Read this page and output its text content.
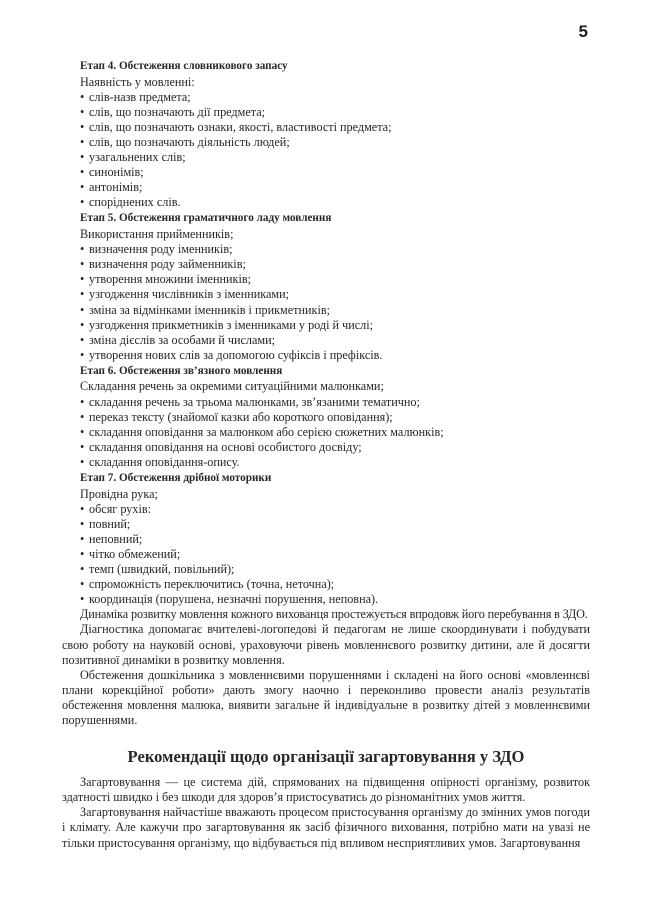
5
Етап 4. Обстеження словникового запасу
Наявність у мовленні:
• слів-назв предмета;
• слів, що позначають дії предмета;
• слів, що позначають ознаки, якості, властивості предмета;
• слів, що позначають діяльність людей;
• узагальнених слів;
• синонімів;
• антонімів;
• споріднених слів.
Етап 5. Обстеження граматичного ладу мовлення
Використання прийменників;
• визначення роду іменників;
• визначення роду займенників;
• утворення множини іменників;
• узгодження числівників з іменниками;
• зміна за відмінками іменників і прикметників;
• узгодження прикметників з іменниками у роді й числі;
• зміна дієслів за особами й числами;
• утворення нових слів за допомогою суфіксів і префіксів.
Етап 6. Обстеження зв’язного мовлення
Складання речень за окремими ситуаційними малюнками;
• складання речень за трьома малюнками, зв’язаними тематично;
• переказ тексту (знайомої казки або короткого оповідання);
• складання оповідання за малюнком або серією сюжетних малюнків;
• складання оповідання на основі особистого досвіду;
• складання оповідання-опису.
Етап 7. Обстеження дрібної моторики
Провідна рука;
• обсяг рухів:
• повний;
• неповний;
• чітко обмежений;
• темп (швидкий, повільний);
• спроможність переключитись (точна, неточна);
• координація (порушена, незначні порушення, неповна).

Динаміка розвитку мовлення кожного вихованця простежується впродовж його перебування в ЗДО.

Діагностика допомагає вчителеві-логопедові й педагогам не лише скоординувати і побудувати свою роботу на науковій основі, ураховуючи рівень мовленнєвого розвитку дитини, але й досягти позитивної динаміки в розвитку мовлення.

Обстеження дошкільника з мовленнєвими порушеннями і складені на його основі «мовленнєві плани корекційної роботи» дають змогу наочно і переконливо провести аналіз результатів обстеження мовлення малюка, виявити загальне й індивідуальне в розвитку дітей з мовленнєвими порушеннями.

Рекомендації щодо організації загартовування у ЗДО

Загартовування — це система дій, спрямованих на підвищення опірності організму, розвиток здатності швидко і без шкоди для здоров’я пристосуватись до різноманітних умов життя.

Загартовування найчастіше вважають процесом пристосування організму до змінних умов погоди і клімату. Але кажучи про загартовування як засіб фізичного виховання, потрібно мати на увазі не тільки пристосування організму, що відбувається під впливом несприятливих умов. Загартовування
